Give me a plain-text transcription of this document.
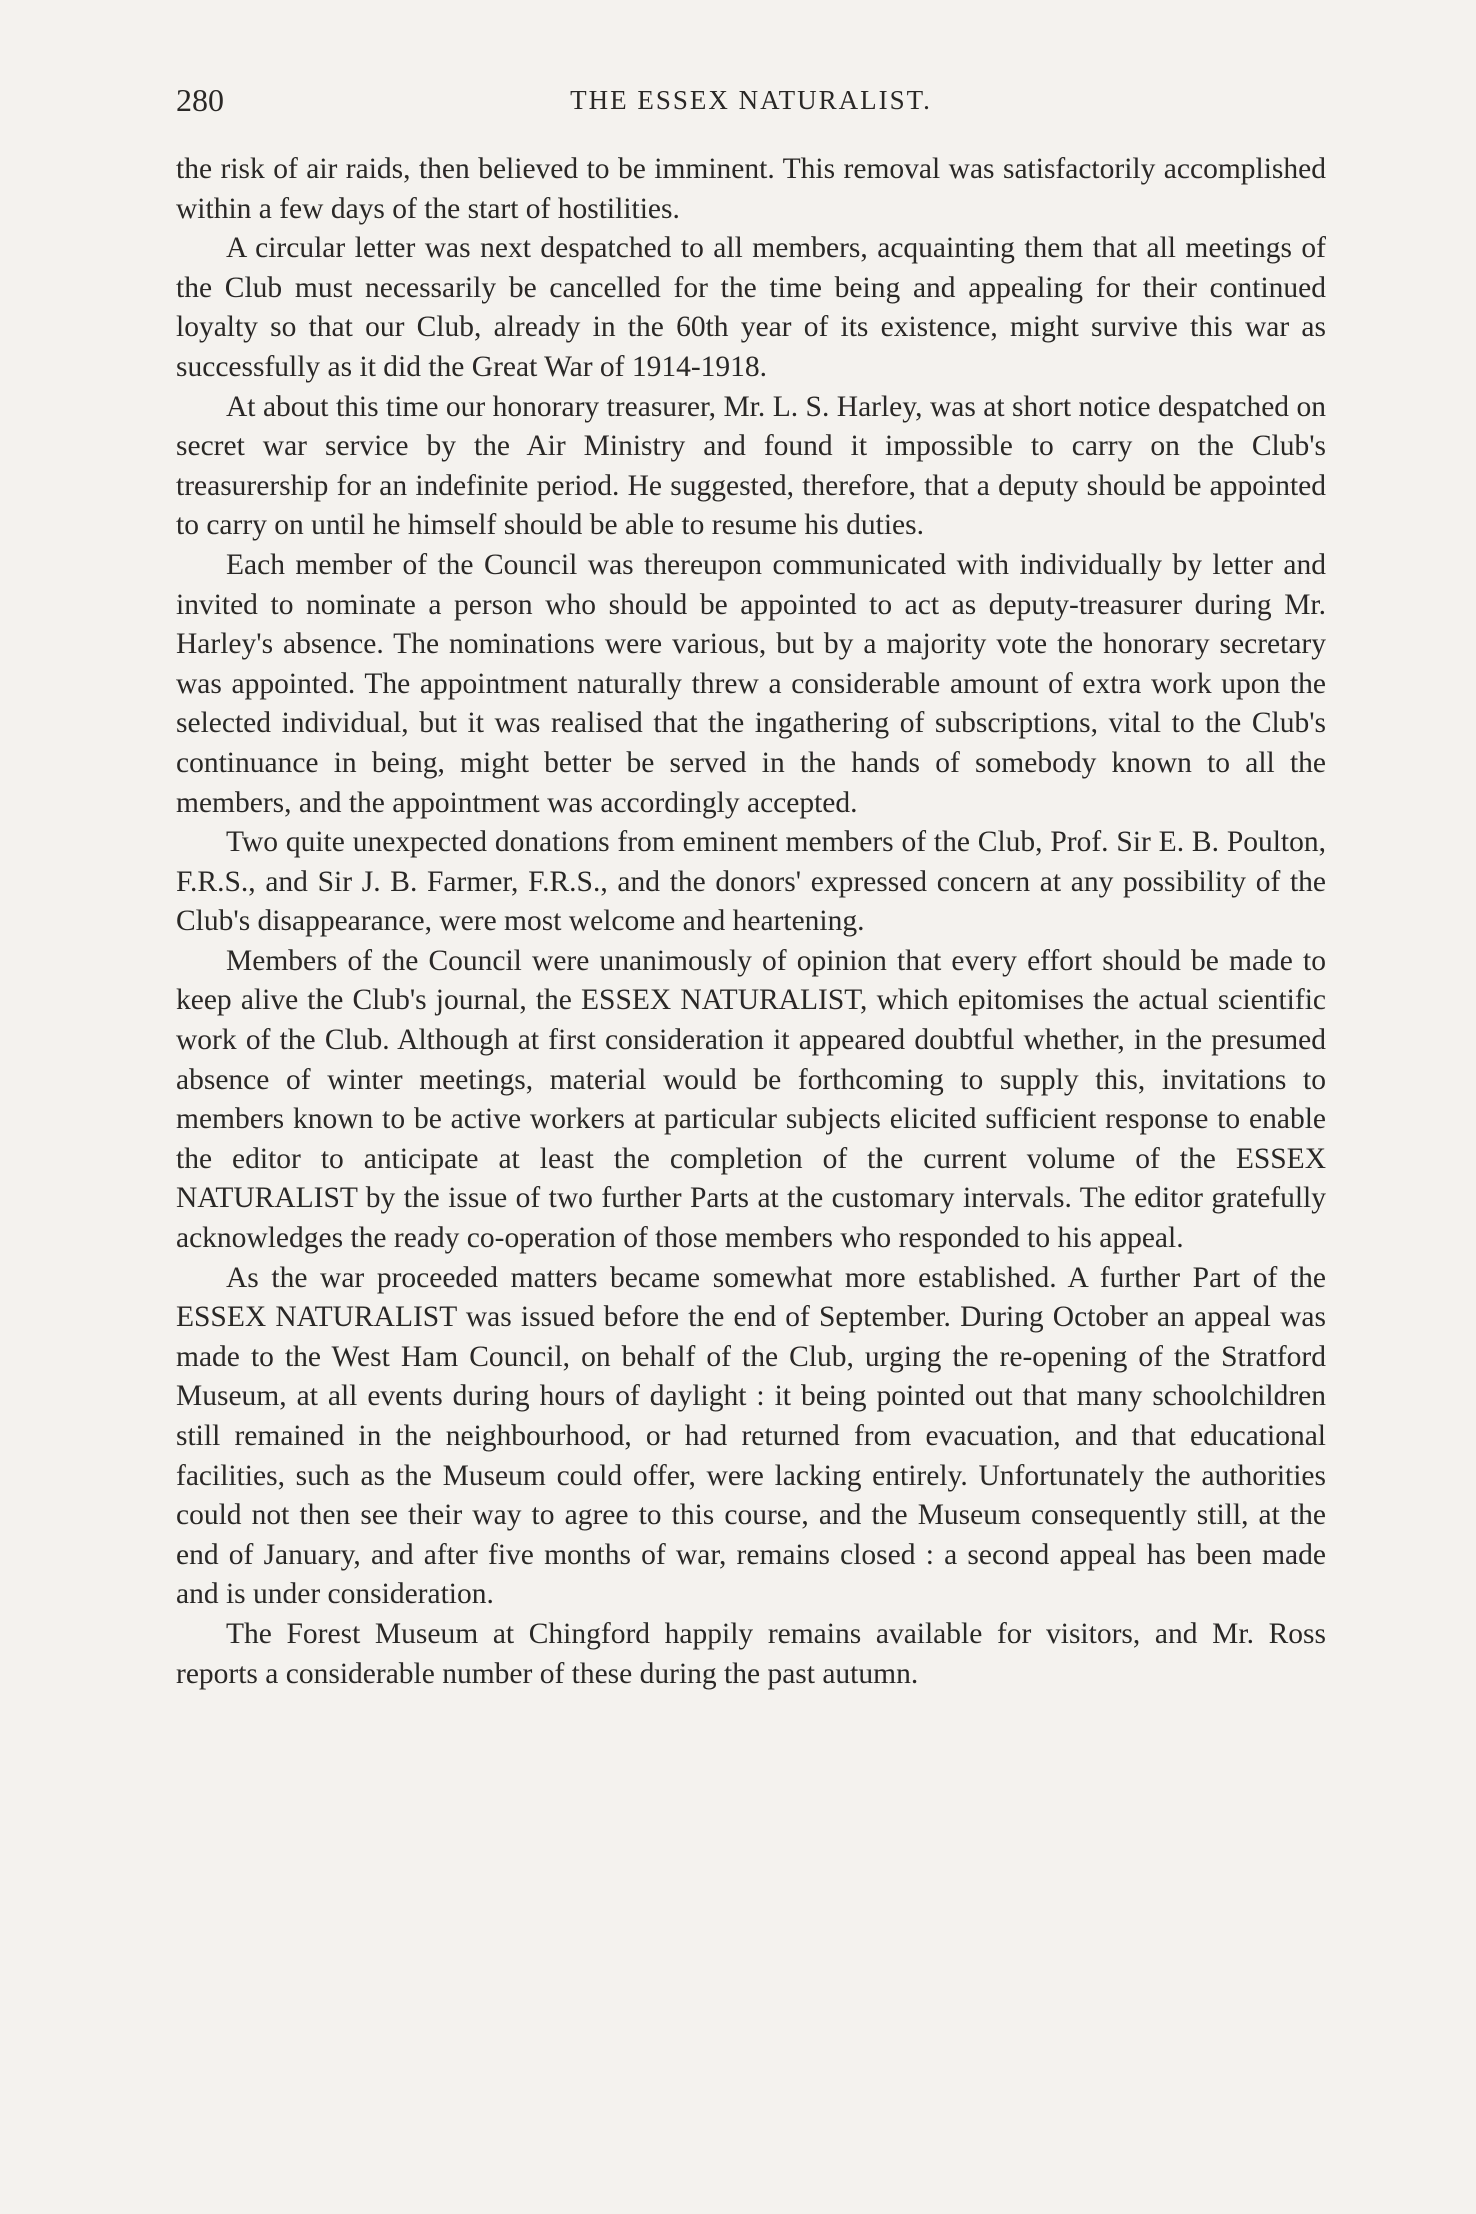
280	THE ESSEX NATURALIST.

the risk of air raids, then believed to be imminent. This removal was satisfactorily accomplished within a few days of the start of hostilities.

A circular letter was next despatched to all members, acquainting them that all meetings of the Club must necessarily be cancelled for the time being and appealing for their continued loyalty so that our Club, already in the 60th year of its existence, might survive this war as successfully as it did the Great War of 1914-1918.

At about this time our honorary treasurer, Mr. L. S. Harley, was at short notice despatched on secret war service by the Air Ministry and found it impossible to carry on the Club's treasurership for an indefinite period. He suggested, therefore, that a deputy should be appointed to carry on until he himself should be able to resume his duties.

Each member of the Council was thereupon communicated with individually by letter and invited to nominate a person who should be appointed to act as deputy-treasurer during Mr. Harley's absence. The nominations were various, but by a majority vote the honorary secretary was appointed. The appointment naturally threw a considerable amount of extra work upon the selected individual, but it was realised that the ingathering of subscriptions, vital to the Club's continuance in being, might better be served in the hands of somebody known to all the members, and the appointment was accordingly accepted.

Two quite unexpected donations from eminent members of the Club, Prof. Sir E. B. Poulton, F.R.S., and Sir J. B. Farmer, F.R.S., and the donors' expressed concern at any possibility of the Club's disappearance, were most welcome and heartening.

Members of the Council were unanimously of opinion that every effort should be made to keep alive the Club's journal, the ESSEX NATURALIST, which epitomises the actual scientific work of the Club. Although at first consideration it appeared doubtful whether, in the presumed absence of winter meetings, material would be forthcoming to supply this, invitations to members known to be active workers at particular subjects elicited sufficient response to enable the editor to anticipate at least the completion of the current volume of the ESSEX NATURALIST by the issue of two further Parts at the customary intervals. The editor gratefully acknowledges the ready co-operation of those members who responded to his appeal.

As the war proceeded matters became somewhat more established. A further Part of the ESSEX NATURALIST was issued before the end of September. During October an appeal was made to the West Ham Council, on behalf of the Club, urging the re-opening of the Stratford Museum, at all events during hours of daylight : it being pointed out that many schoolchildren still remained in the neighbourhood, or had returned from evacuation, and that educational facilities, such as the Museum could offer, were lacking entirely. Unfortunately the authorities could not then see their way to agree to this course, and the Museum consequently still, at the end of January, and after five months of war, remains closed : a second appeal has been made and is under consideration.

The Forest Museum at Chingford happily remains available for visitors, and Mr. Ross reports a considerable number of these during the past autumn.
